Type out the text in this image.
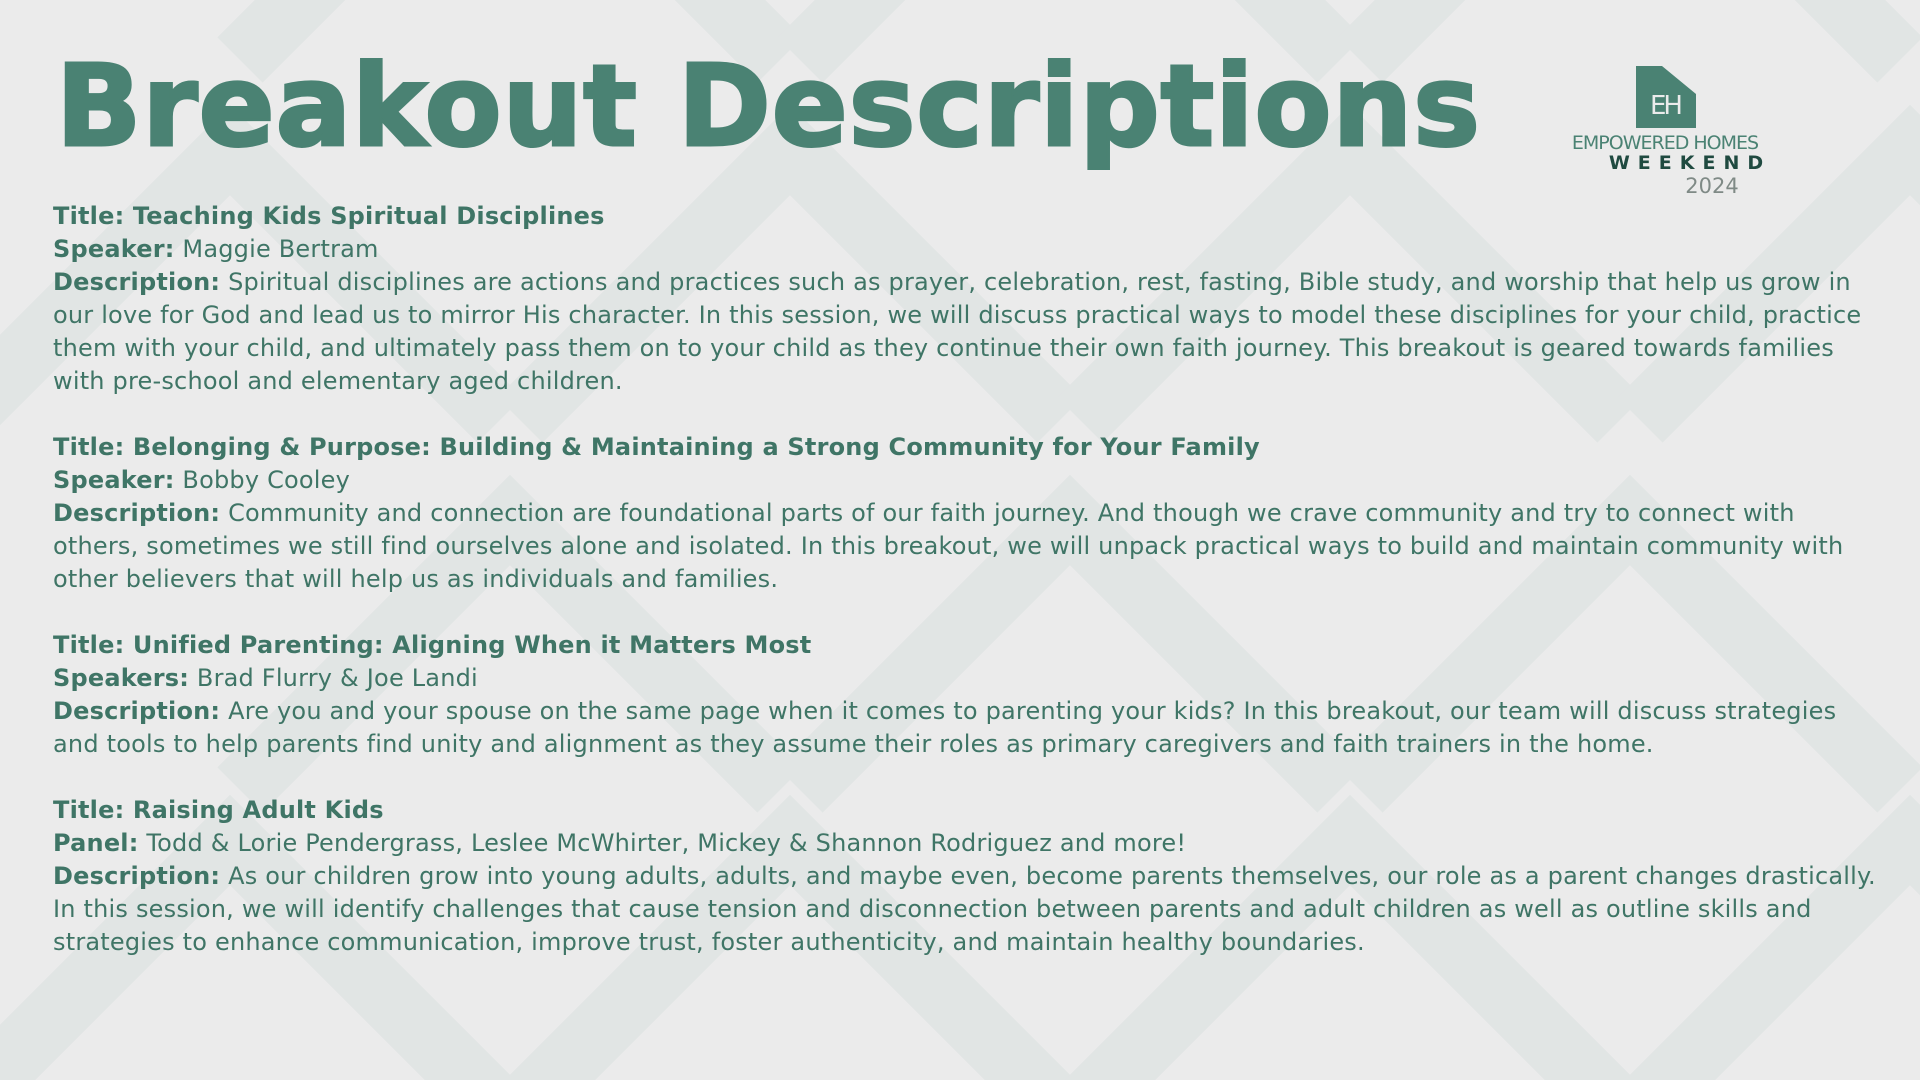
Breakout Descriptions	EH
EMPOWERED HOMES
WEEKEND
2024
Title: Teaching Kids Spiritual Disciplines
Speaker: Maggie Bertram
Description: Spiritual disciplines are actions and practices such as prayer, celebration, rest, fasting, Bible study, and worship that help us grow in our love for God and lead us to mirror His character. In this session, we will discuss practical ways to model these disciplines for your child, practice them with your child, and ultimately pass them on to your child as they continue their own faith journey. This breakout is geared towards families with pre-school and elementary aged children.
Title: Belonging & Purpose: Building & Maintaining a Strong Community for Your Family
Speaker: Bobby Cooley
Description: Community and connection are foundational parts of our faith journey. And though we crave community and try to connect with others, sometimes we still find ourselves alone and isolated. In this breakout, we will unpack practical ways to build and maintain community with other believers that will help us as individuals and families.
Title: Unified Parenting: Aligning When it Matters Most
Speakers: Brad Flurry & Joe Landi
Description: Are you and your spouse on the same page when it comes to parenting your kids? In this breakout, our team will discuss strategies and tools to help parents find unity and alignment as they assume their roles as primary caregivers and faith trainers in the home.
Title: Raising Adult Kids
Panel: Todd & Lorie Pendergrass, Leslee McWhirter, Mickey & Shannon Rodriguez and more!
Description: As our children grow into young adults, adults, and maybe even, become parents themselves, our role as a parent changes drastically. In this session, we will identify challenges that cause tension and disconnection between parents and adult children as well as outline skills and strategies to enhance communication, improve trust, foster authenticity, and maintain healthy boundaries.
